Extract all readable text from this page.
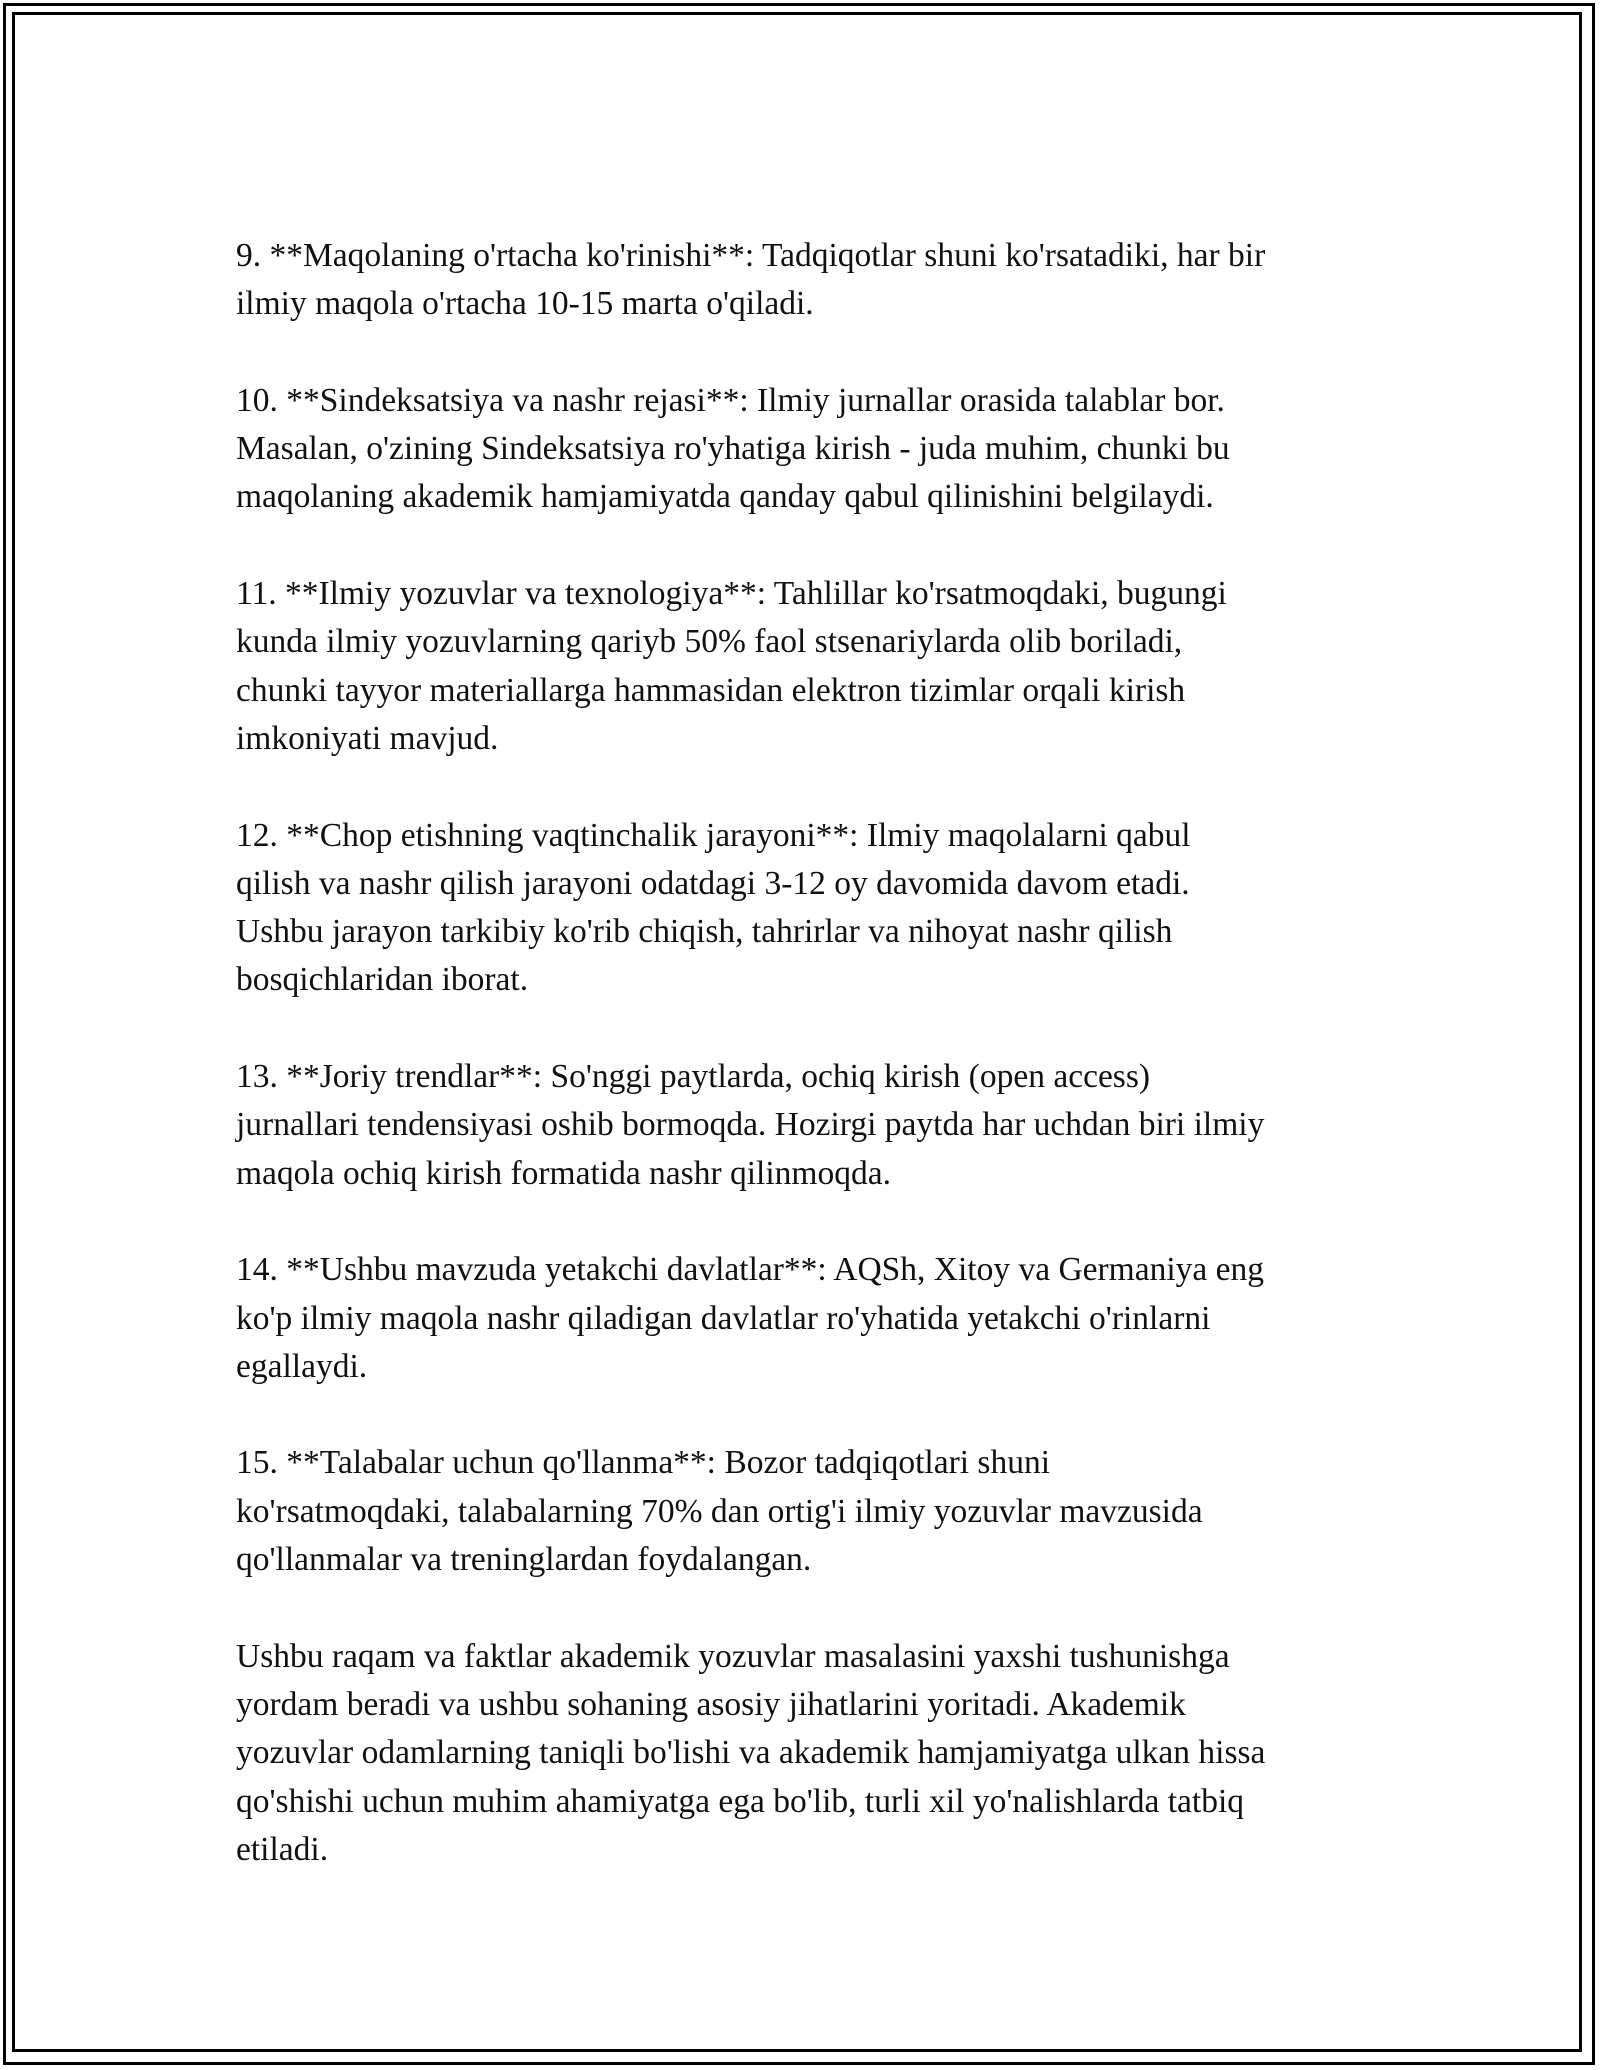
9. **Maqolaning o'rtacha ko'rinishi**: Tadqiqotlar shuni ko'rsatadiki, har bir
ilmiy maqola o'rtacha 10-15 marta o'qiladi.

10. **Sindeksatsiya va nashr rejasi**: Ilmiy jurnallar orasida talablar bor.
Masalan, o'zining Sindeksatsiya ro'yhatiga kirish - juda muhim, chunki bu
maqolaning akademik hamjamiyatda qanday qabul qilinishini belgilaydi.

11. **Ilmiy yozuvlar va texnologiya**: Tahlillar ko'rsatmoqdaki, bugungi
kunda ilmiy yozuvlarning qariyb 50% faol stsenariylarda olib boriladi,
chunki tayyor materiallarga hammasidan elektron tizimlar orqali kirish
imkoniyati mavjud.

12. **Chop etishning vaqtinchalik jarayoni**: Ilmiy maqolalarni qabul
qilish va nashr qilish jarayoni odatdagi 3-12 oy davomida davom etadi.
Ushbu jarayon tarkibiy ko'rib chiqish, tahrirlar va nihoyat nashr qilish
bosqichlaridan iborat.

13. **Joriy trendlar**: So'nggi paytlarda, ochiq kirish (open access)
jurnallari tendensiyasi oshib bormoqda. Hozirgi paytda har uchdan biri ilmiy
maqola ochiq kirish formatida nashr qilinmoqda.

14. **Ushbu mavzuda yetakchi davlatlar**: AQSh, Xitoy va Germaniya eng
ko'p ilmiy maqola nashr qiladigan davlatlar ro'yhatida yetakchi o'rinlarni
egallaydi.

15. **Talabalar uchun qo'llanma**: Bozor tadqiqotlari shuni
ko'rsatmoqdaki, talabalarning 70% dan ortig'i ilmiy yozuvlar mavzusida
qo'llanmalar va treninglardan foydalangan.

Ushbu raqam va faktlar akademik yozuvlar masalasini yaxshi tushunishga
yordam beradi va ushbu sohaning asosiy jihatlarini yoritadi. Akademik
yozuvlar odamlarning taniqli bo'lishi va akademik hamjamiyatga ulkan hissa
qo'shishi uchun muhim ahamiyatga ega bo'lib, turli xil yo'nalishlarda tatbiq
etiladi.
